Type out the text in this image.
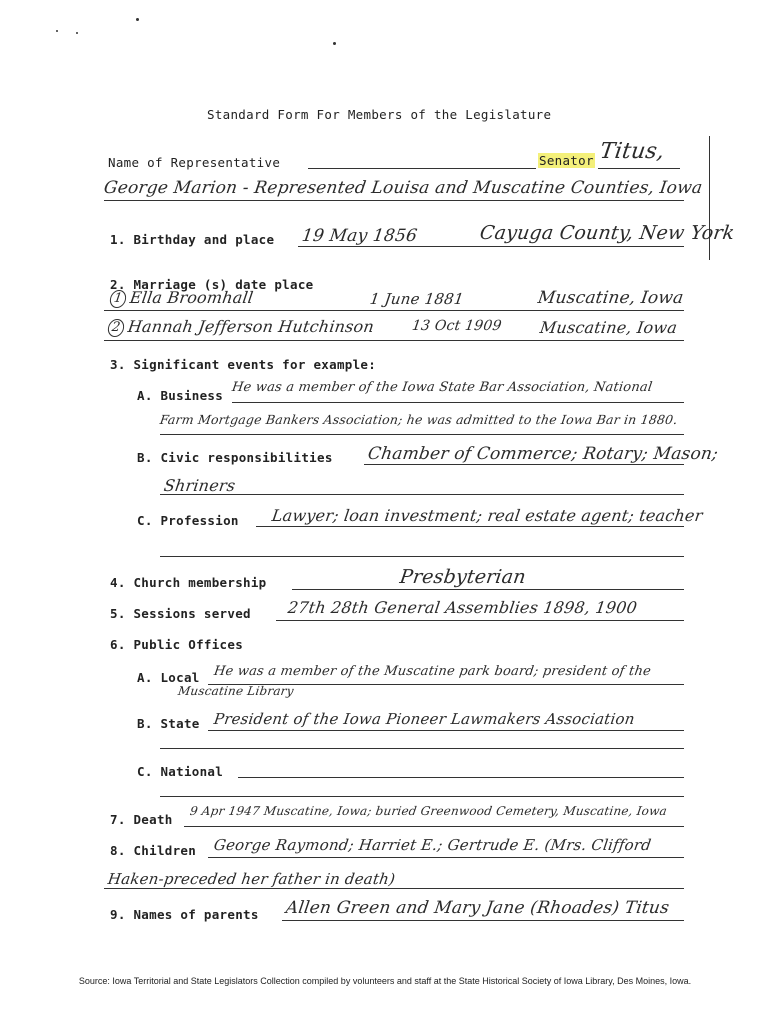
Standard Form For Members of the Legislature
Name of Representative	Senator Titus,
George Marion - Represented Louisa and Muscatine Counties, Iowa
1. Birthday and place 19 May 1856	Cayuga County, New York
2. Marriage (s) date place
1 Ella Broomhall	1 June 1881	Muscatine, Iowa
2 Hannah Jefferson Hutchinson	13 Oct 1909 Muscatine, Iowa
3. Significant events for example:
A. Business
He was a member of the Iowa State Bar Association, National
Farm Mortgage Bankers Association; he was admitted to the Iowa Bar in 1880.
B. Civic responsibilities Chamber of Commerce; Rotary; Mason;
Shriners
C. Profession Lawyer; loan investment; real estate agent; teacher
4. Church membership	Presbyterian
5. Sessions served 27th 28th General Assemblies 1898, 1900
6. Public Offices
A. Local He was a member of the Muscatine park board; president of the
Muscatine Library
B. State President of the Iowa Pioneer Lawmakers Association
C. National
7. Death
9 Apr 1947 Muscatine, Iowa; buried Greenwood Cemetery, Muscatine, Iowa
8. Children George Raymond; Harriet E.; Gertrude E. (Mrs. Clifford
Haken-preceded her father in death)
9. Names of parents Allen Green and Mary Jane (Rhoades) Titus
Source: Iowa Territorial and State Legislators Collection compiled by volunteers and staff at the State Historical Society of Iowa Library, Des Moines, Iowa.
